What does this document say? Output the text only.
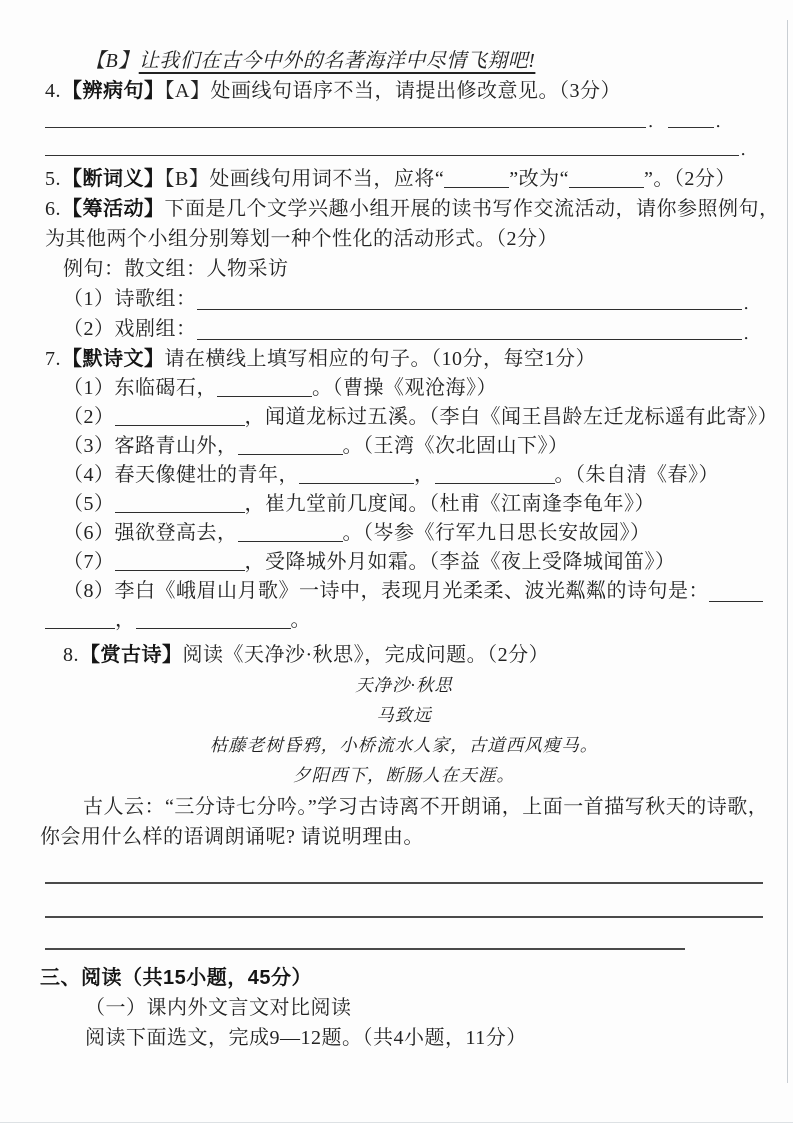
【B】让我们在古今中外的名著海洋中尽情飞翔吧!
4.【辨病句】【A】处画线句语序不当，请提出修改意见。（3分）
．	．
．
5.【断词义】【B】处画线句用词不当，应将“	”改为“	”。（2分）
6.【筹活动】下面是几个文学兴趣小组开展的读书写作交流活动，请你参照例句，
为其他两个小组分别筹划一种个性化的活动形式。（2分）
例句：散文组：人物采访
（1）诗歌组：	．
（2）戏剧组：	．
7.【默诗文】请在横线上填写相应的句子。（10分，每空1分）
（1）东临碣石，	。（曹操《观沧海》）
（2）	，闻道龙标过五溪。（李白《闻王昌龄左迁龙标遥有此寄》）
（3）客路青山外，	。（王湾《次北固山下》）
（4）春天像健壮的青年，	，	。（朱自清《春》）
（5）	，崔九堂前几度闻。（杜甫《江南逢李龟年》）
（6）强欲登高去，	。（岑参《行军九日思长安故园》）
（7）	，受降城外月如霜。（李益《夜上受降城闻笛》）
（8）李白《峨眉山月歌》一诗中，表现月光柔柔、波光粼粼的诗句是：
，	。
8.【赏古诗】阅读《天净沙·秋思》，完成问题。（2分）
天净沙·秋思
马致远
枯藤老树昏鸦，小桥流水人家，古道西风瘦马。
夕阳西下，断肠人在天涯。
古人云：“三分诗七分吟。”学习古诗离不开朗诵，上面一首描写秋天的诗歌，
你会用什么样的语调朗诵呢? 请说明理由。
三、阅读（共15小题，45分）
（一）课内外文言文对比阅读
阅读下面选文，完成9—12题。（共4小题，11分）
